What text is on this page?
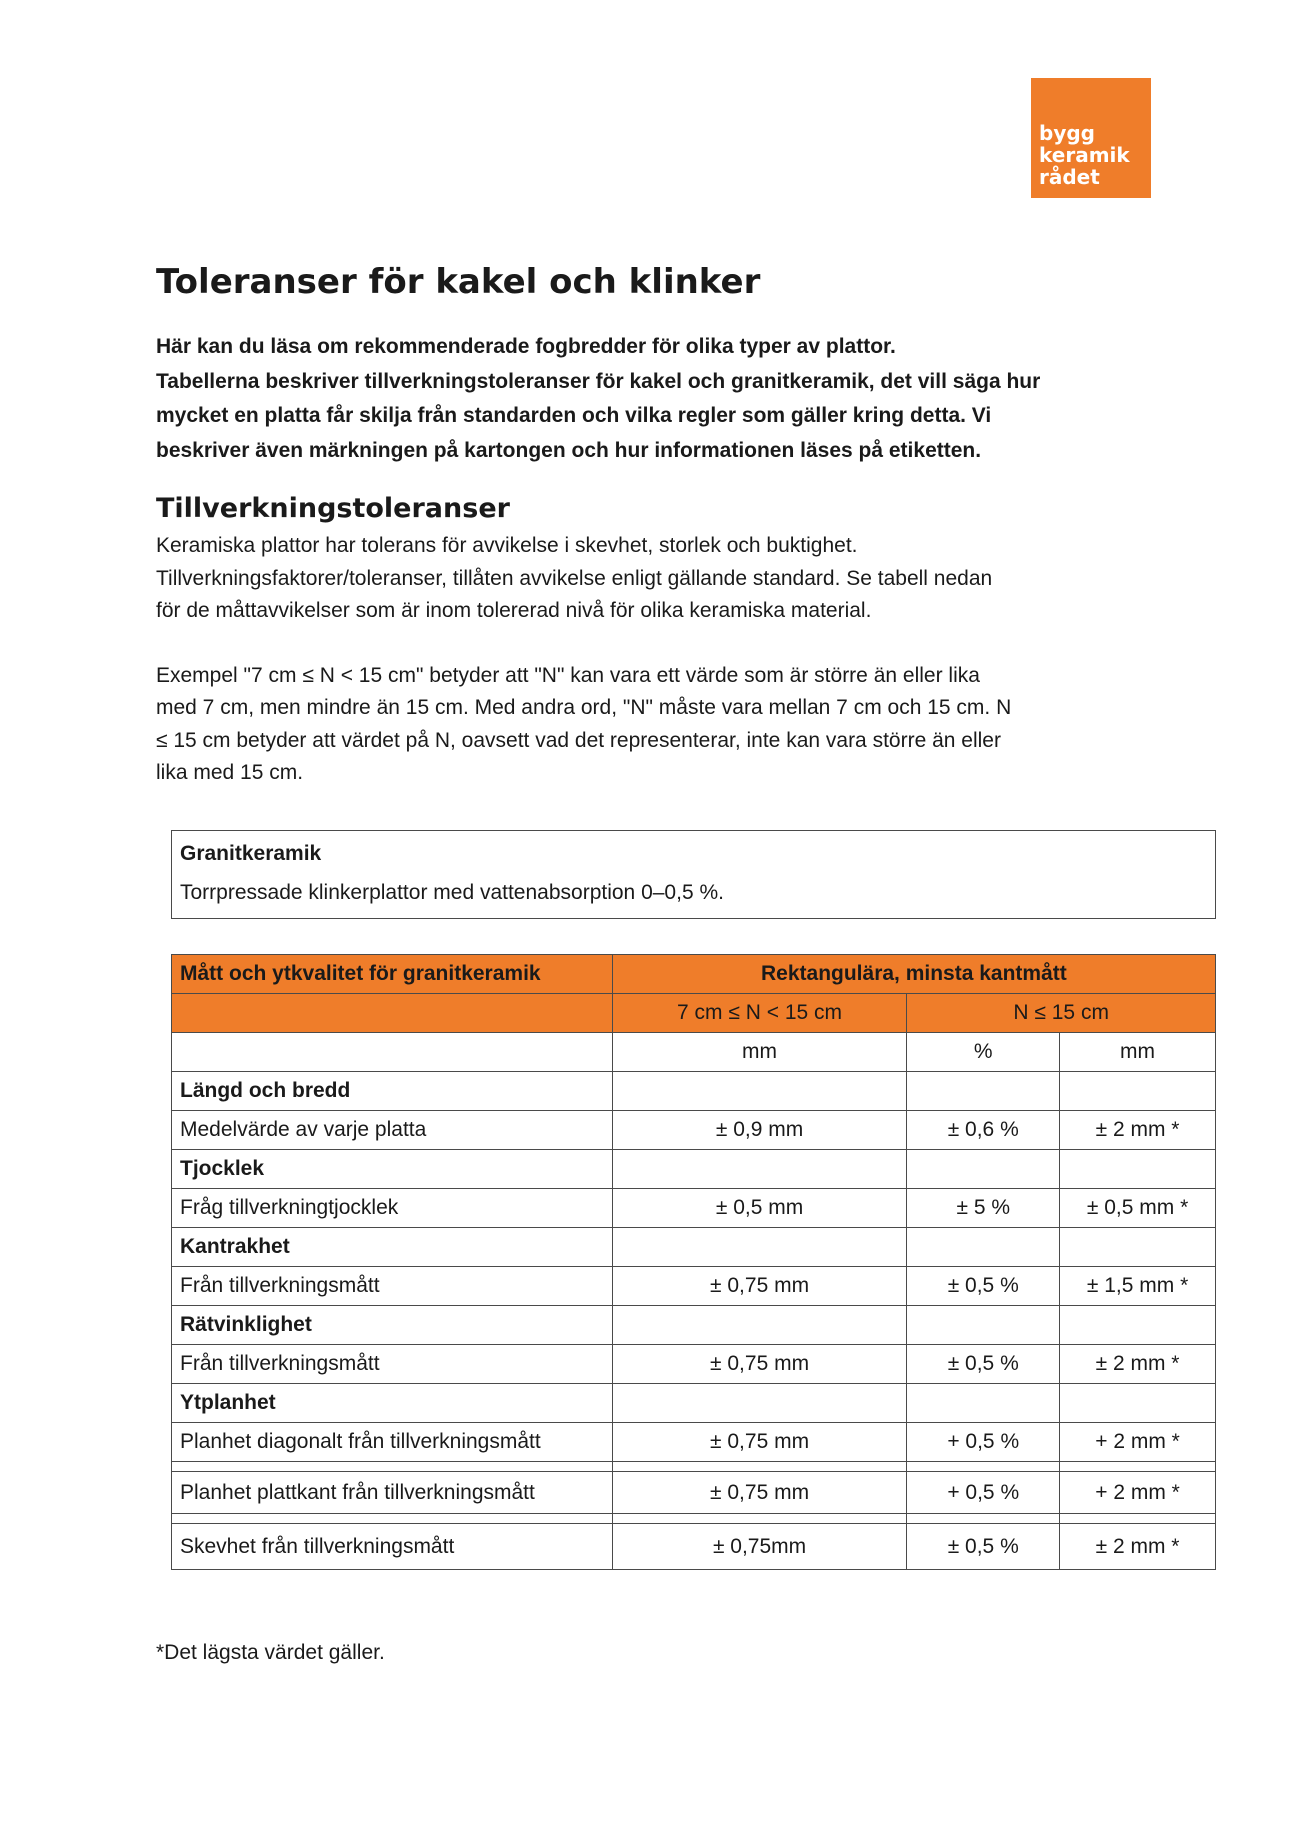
bygg
keramik
rådet
Toleranser för kakel och klinker

Här kan du läsa om rekommenderade fogbredder för olika typer av plattor.
Tabellerna beskriver tillverkningstoleranser för kakel och granitkeramik, det vill säga hur
mycket en platta får skilja från standarden och vilka regler som gäller kring detta. Vi
beskriver även märkningen på kartongen och hur informationen läses på etiketten.

Tillverkningstoleranser

Keramiska plattor har tolerans för avvikelse i skevhet, storlek och buktighet.
Tillverkningsfaktorer/toleranser, tillåten avvikelse enligt gällande standard. Se tabell nedan
för de måttavvikelser som är inom tolererad nivå för olika keramiska material.

Exempel "7 cm ≤ N < 15 cm" betyder att "N" kan vara ett värde som är större än eller lika
med 7 cm, men mindre än 15 cm. Med andra ord, "N" måste vara mellan 7 cm och 15 cm. N
≤ 15 cm betyder att värdet på N, oavsett vad det representerar, inte kan vara större än eller
lika med 15 cm.

Granitkeramik
Torrpressade klinkerplattor med vattenabsorption 0–0,5 %.
Mått och ytkvalitet för granitkeramik	Rektangulära, minsta kantmått		
	7 cm ≤ N < 15 cm	N ≤ 15 cm	
	mm	%	mm
Längd och bredd			
Medelvärde av varje platta	± 0,9 mm	± 0,6 %	± 2 mm *
Tjocklek			
Fråg tillverkningtjocklek	± 0,5 mm	± 5 %	± 0,5 mm *
Kantrakhet			
Från tillverkningsmått	± 0,75 mm	± 0,5 %	± 1,5 mm *
Rätvinklighet			
Från tillverkningsmått	± 0,75 mm	± 0,5 %	± 2 mm *
Ytplanhet			
Planhet diagonalt från tillverkningsmått	± 0,75 mm	+ 0,5 %	+ 2 mm *

Planhet plattkant från tillverkningsmått	± 0,75 mm	+ 0,5 %	+ 2 mm *

Skevhet från tillverkningsmått	± 0,75mm	± 0,5 %	± 2 mm *
*Det lägsta värdet gäller.
